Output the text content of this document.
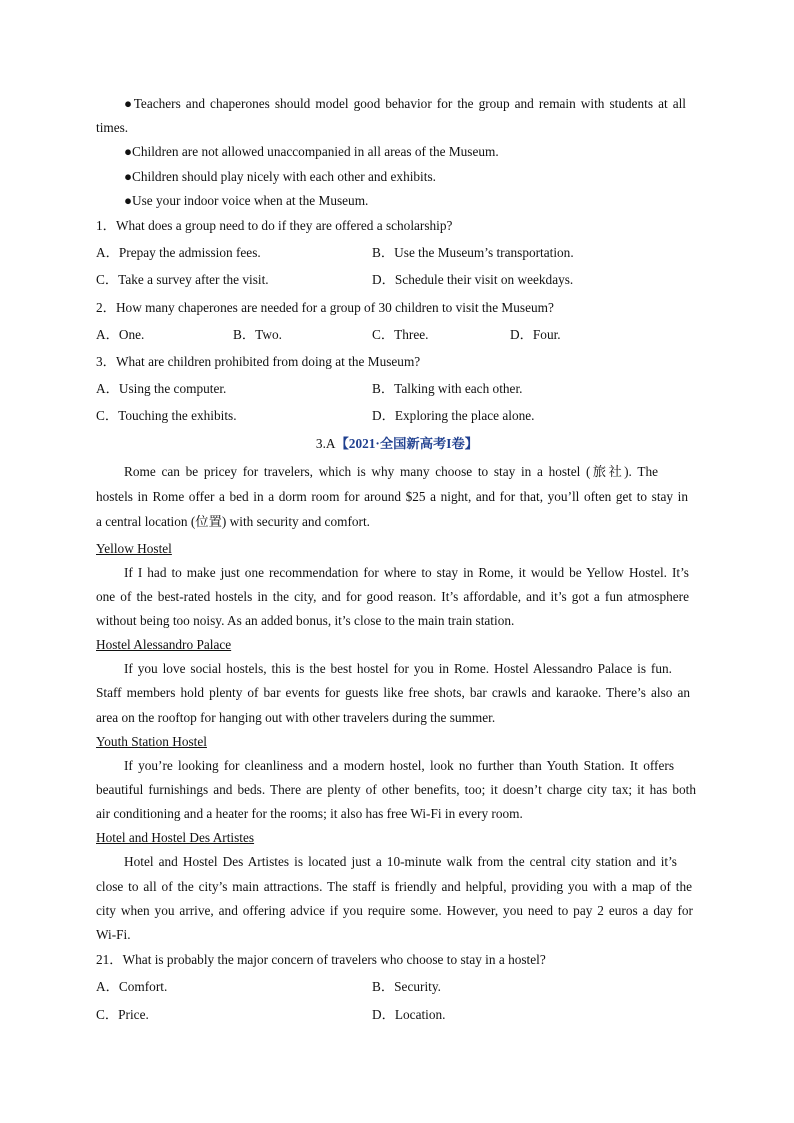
●Teachers and chaperones should model good behavior for the group and remain with students at all
times.
●Children are not allowed unaccompanied in all areas of the Museum.
●Children should play nicely with each other and exhibits.
●Use your indoor voice when at the Museum.
1．What does a group need to do if they are offered a scholarship?
A．Prepay the admission fees.	B．Use the Museum’s transportation.
C．Take a survey after the visit.	D．Schedule their visit on weekdays.
2．How many chaperones are needed for a group of 30 children to visit the Museum?
A．One.	B．Two.	C．Three.	D．Four.
3．What are children prohibited from doing at the Museum?
A．Using the computer.	B．Talking with each other.
C．Touching the exhibits.	D．Exploring the place alone.
3.A【2021·全国新高考I卷】
Rome can be pricey for travelers, which is why many choose to stay in a hostel (旅社). The
hostels in Rome offer a bed in a dorm room for around $25 a night, and for that, you’ll often get to stay in
a central location (位置) with security and comfort.
Yellow Hostel
If I had to make just one recommendation for where to stay in Rome, it would be Yellow Hostel. It’s
one of the best-rated hostels in the city, and for good reason. It’s affordable, and it’s got a fun atmosphere
without being too noisy. As an added bonus, it’s close to the main train station.
Hostel Alessandro Palace
If you love social hostels, this is the best hostel for you in Rome. Hostel Alessandro Palace is fun.
Staff members hold plenty of bar events for guests like free shots, bar crawls and karaoke. There’s also an
area on the rooftop for hanging out with other travelers during the summer.
Youth Station Hostel
If you’re looking for cleanliness and a modern hostel, look no further than Youth Station. It offers
beautiful furnishings and beds. There are plenty of other benefits, too; it doesn’t charge city tax; it has both
air conditioning and a heater for the rooms; it also has free Wi-Fi in every room.
Hotel and Hostel Des Artistes
Hotel and Hostel Des Artistes is located just a 10-minute walk from the central city station and it’s
close to all of the city’s main attractions. The staff is friendly and helpful, providing you with a map of the
city when you arrive, and offering advice if you require some. However, you need to pay 2 euros a day for
Wi-Fi.
21．What is probably the major concern of travelers who choose to stay in a hostel?
A．Comfort.	B．Security.
C．Price.	D．Location.
